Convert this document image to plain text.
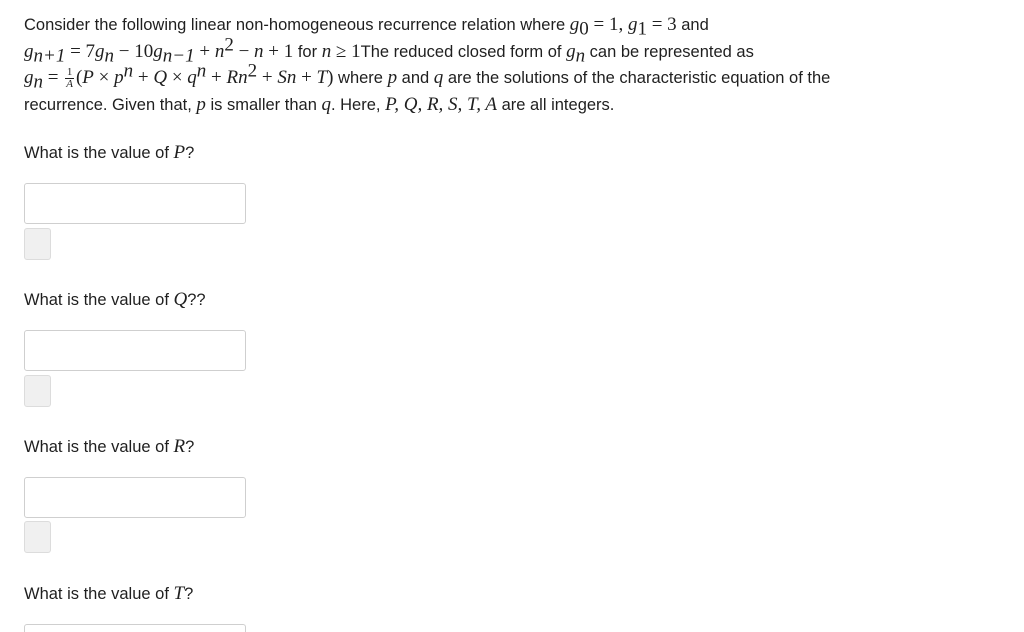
Consider the following linear non-homogeneous recurrence relation where $g_0 = 1$, $g_1 = 3$ and
$g_{n+1} = 7g_n - 10g_{n-1} + n^2 - n + 1$ for n ≥ 1The reduced closed form of $g_n$ can be represented as
$g_n = \frac{1}{A} (P \times p^n + Q \times q^n + Rn^2 + Sn + T)$ where p and q are the solutions of the characteristic equation of the
recurrence. Given that, p is smaller than q. Here, P, Q, R, S, T, A are all integers.
What is the value of P?
What is the value of Q??
What is the value of R?
What is the value of T?
